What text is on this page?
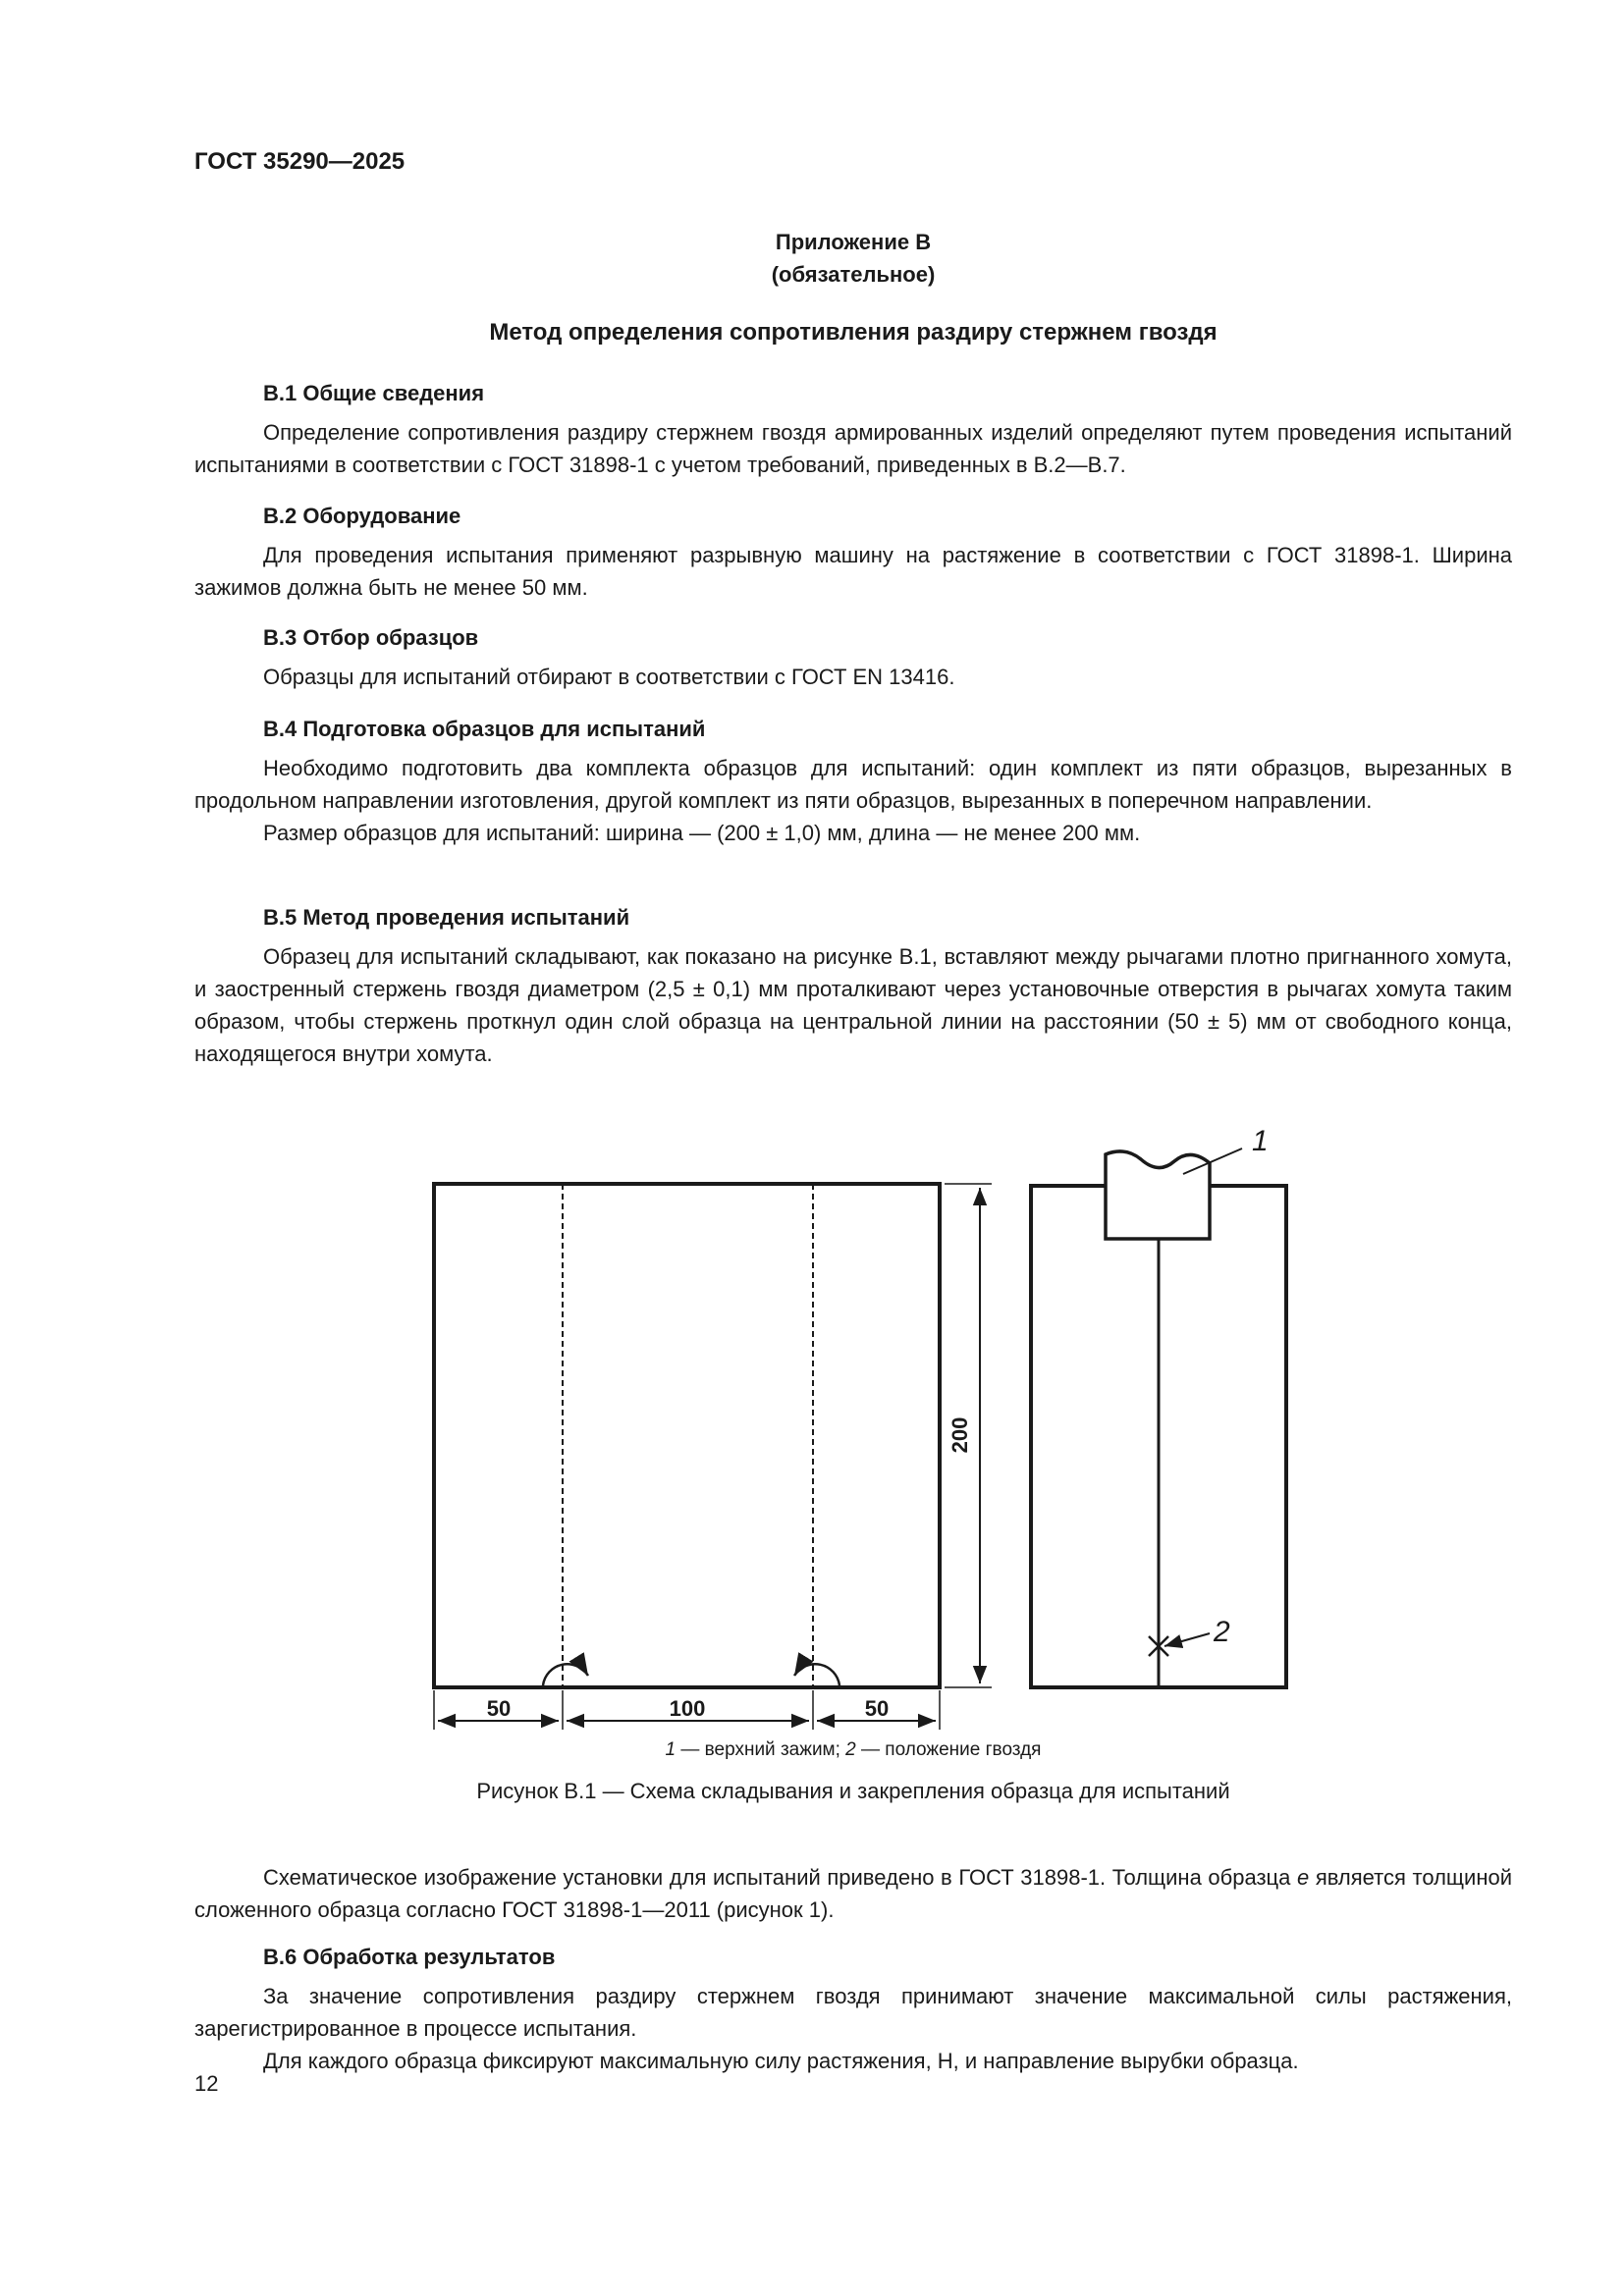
ГОСТ 35290—2025
Приложение В
(обязательное)
Метод определения сопротивления раздиру стержнем гвоздя
В.1 Общие сведения

Определение сопротивления раздиру стержнем гвоздя армированных изделий определяют путем проведения испытаний испытаниями в соответствии с ГОСТ 31898-1 с учетом требований, приведенных в В.2—В.7.

В.2 Оборудование

Для проведения испытания применяют разрывную машину на растяжение в соответствии с ГОСТ 31898-1. Ширина зажимов должна быть не менее 50 мм.

В.3 Отбор образцов

Образцы для испытаний отбирают в соответствии с ГОСТ EN 13416.

В.4 Подготовка образцов для испытаний

Необходимо подготовить два комплекта образцов для испытаний: один комплект из пяти образцов, вырезанных в продольном направлении изготовления, другой комплект из пяти образцов, вырезанных в поперечном направлении.

Размер образцов для испытаний: ширина — (200 ± 1,0) мм, длина — не менее 200 мм.

В.5 Метод проведения испытаний

Образец для испытаний складывают, как показано на рисунке В.1, вставляют между рычагами плотно пригнанного хомута, и заостренный стержень гвоздя диаметром (2,5 ± 0,1) мм проталкивают через установочные отверстия в рычагах хомута таким образом, чтобы стержень проткнул один слой образца на центральной линии на расстоянии (50 ± 5) мм от свободного конца, находящегося внутри хомута.

50	100	50
200
1
2
1 — верхний зажим; 2 — положение гвоздя
Рисунок В.1 — Схема складывания и закрепления образца для испытаний

Схематическое изображение установки для испытаний приведено в ГОСТ 31898-1. Толщина образца e является толщиной сложенного образца согласно ГОСТ 31898-1—2011 (рисунок 1).

В.6 Обработка результатов

За значение сопротивления раздиру стержнем гвоздя принимают значение максимальной силы растяжения, зарегистрированное в процессе испытания.

Для каждого образца фиксируют максимальную силу растяжения, Н, и направление вырубки образца.

12
